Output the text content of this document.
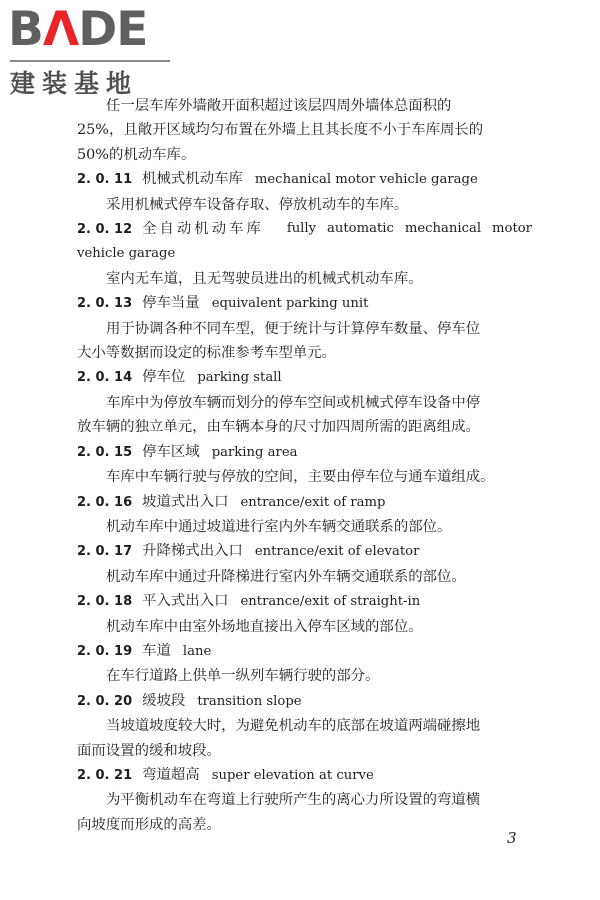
BΛDE
建装基地

任一层车库外墙敞开面积超过该层四周外墙体总面积的

25%，且敞开区域均匀布置在外墙上且其长度不小于车库周长的

50%的机动车库。

2. 0. 11 机械式机动车库 mechanical motor vehicle garage

采用机械式停车设备存取、停放机动车的车库。

2. 0. 12 全自动机动车库	fully automatic mechanical motor

vehicle garage

室内无车道，且无驾驶员进出的机械式机动车库。

2. 0. 13 停车当量 equivalent parking unit

用于协调各种不同车型，便于统计与计算停车数量、停车位

大小等数据而设定的标准参考车型单元。

2. 0. 14 停车位 parking stall

车库中为停放车辆而划分的停车空间或机械式停车设备中停

放车辆的独立单元，由车辆本身的尺寸加四周所需的距离组成。

2. 0. 15 停车区域 parking area

车库中车辆行驶与停放的空间，主要由停车位与通车道组成。

2. 0. 16 坡道式出入口 entrance/exit of ramp

机动车库中通过坡道进行室内外车辆交通联系的部位。

2. 0. 17 升降梯式出入口 entrance/exit of elevator

机动车库中通过升降梯进行室内外车辆交通联系的部位。

2. 0. 18 平入式出入口 entrance/exit of straight-in

机动车库中由室外场地直接出入停车区域的部位。

2. 0. 19 车道 lane

在车行道路上供单一纵列车辆行驶的部分。

2. 0. 20 缓坡段 transition slope

当坡道坡度较大时，为避免机动车的底部在坡道两端碰擦地

面而设置的缓和坡段。

2. 0. 21 弯道超高 super elevation at curve

为平衡机动车在弯道上行驶所产生的离心力所设置的弯道横

向坡度而形成的高差。

3
